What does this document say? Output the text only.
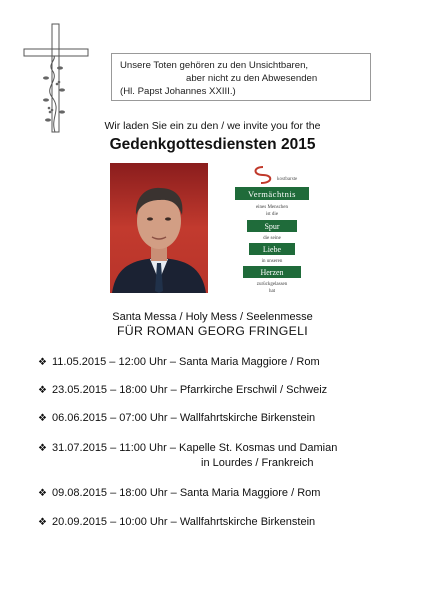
Unsere Toten gehören zu den Unsichtbaren,
aber nicht zu den Abwesenden
(Hl. Papst Johannes XXIII.)
Wir laden Sie ein zu den / we invite you for the
Gedenkgottesdiensten 2015
kostbarste
Vermächtnis
eines Menschen
ist die
Spur
die seine
Liebe
in unseren
Herzen
zurückgelassen
hat
Santa Messa / Holy Mess / Seelenmesse
FÜR ROMAN GEORG FRINGELI
❖ 11.05.2015 – 12:00 Uhr – Santa Maria Maggiore / Rom
❖ 23.05.2015 – 18:00 Uhr – Pfarrkirche Erschwil / Schweiz
❖ 06.06.2015 – 07:00 Uhr – Wallfahrtskirche Birkenstein
❖ 31.07.2015 – 11:00 Uhr – Kapelle St. Kosmas und Damian
in Lourdes / Frankreich
❖ 09.08.2015 – 18:00 Uhr – Santa Maria Maggiore / Rom
❖ 20.09.2015 – 10:00 Uhr – Wallfahrtskirche Birkenstein
